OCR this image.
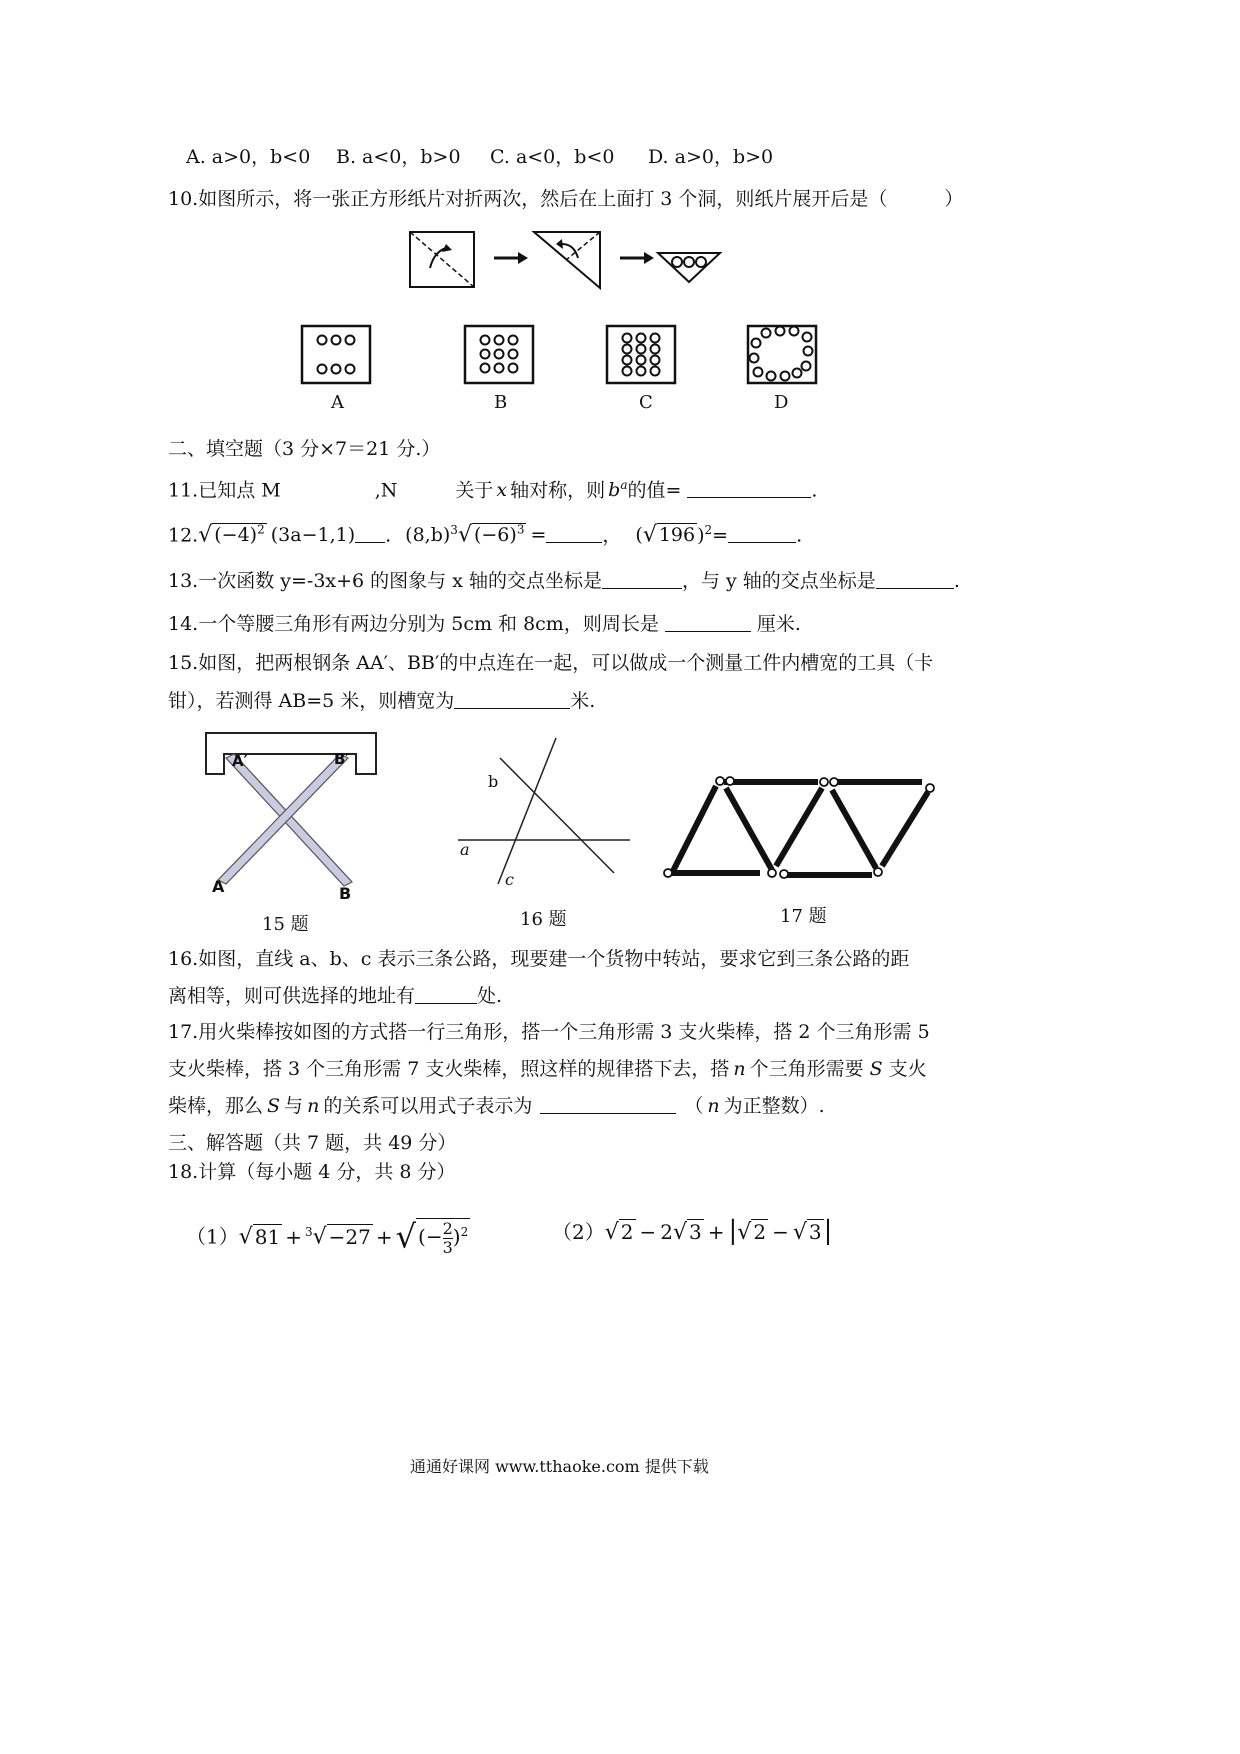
A. a>0，b<0 B. a<0，b>0 C. a<0，b<0 D. a>0，b>0
10.如图所示，将一张正方形纸片对折两次，然后在上面打 3 个洞，则纸片展开后是（　　　）
A	B	C	D
二、填空题（3 分×7＝21 分.）
11.已知点 M	,N	关于 x 轴对称，则 $b^a$的值=	.
12.√ $(-4)^2$ (3a−1,1) . $(8,b)^3√$ $(-6)^3$ =	， (√ 196 )$^2$=	.
13.一次函数 y=-3x+6 的图象与 x 轴的交点坐标是	，与 y 轴的交点坐标是	.
14.一个等腰三角形有两边分别为 5cm 和 8cm，则周长是	厘米.
15.如图，把两根钢条 AA′、BB′的中点连在一起，可以做成一个测量工件内槽宽的工具（卡
钳），若测得 AB=5 米，则槽宽为	米.
A′	B′
A	B
15 题
b
a
c
16 题	17 题
16.如图，直线 a、b、c 表示三条公路，现要建一个货物中转站，要求它到三条公路的距
离相等，则可供选择的地址有	处.
17.用火柴棒按如图的方式搭一行三角形，搭一个三角形需 3 支火柴棒，搭 2 个三角形需 5
支火柴棒，搭 3 个三角形需 7 支火柴棒，照这样的规律搭下去，搭 n 个三角形需要 S 支火
柴棒，那么 S 与 n 的关系可以用式子表示为	（ n 为正整数）.
三、解答题（共 7 题，共 49 分）
18.计算（每小题 4 分，共 8 分）
（1）√ 81 + $^3$√ −27 +√ (− $\frac{2}{3} )^2$	（2）√ 2 − 2√ 3 + |√ 2 − √ 3|
通通好课网 www.tthaoke.com 提供下载
